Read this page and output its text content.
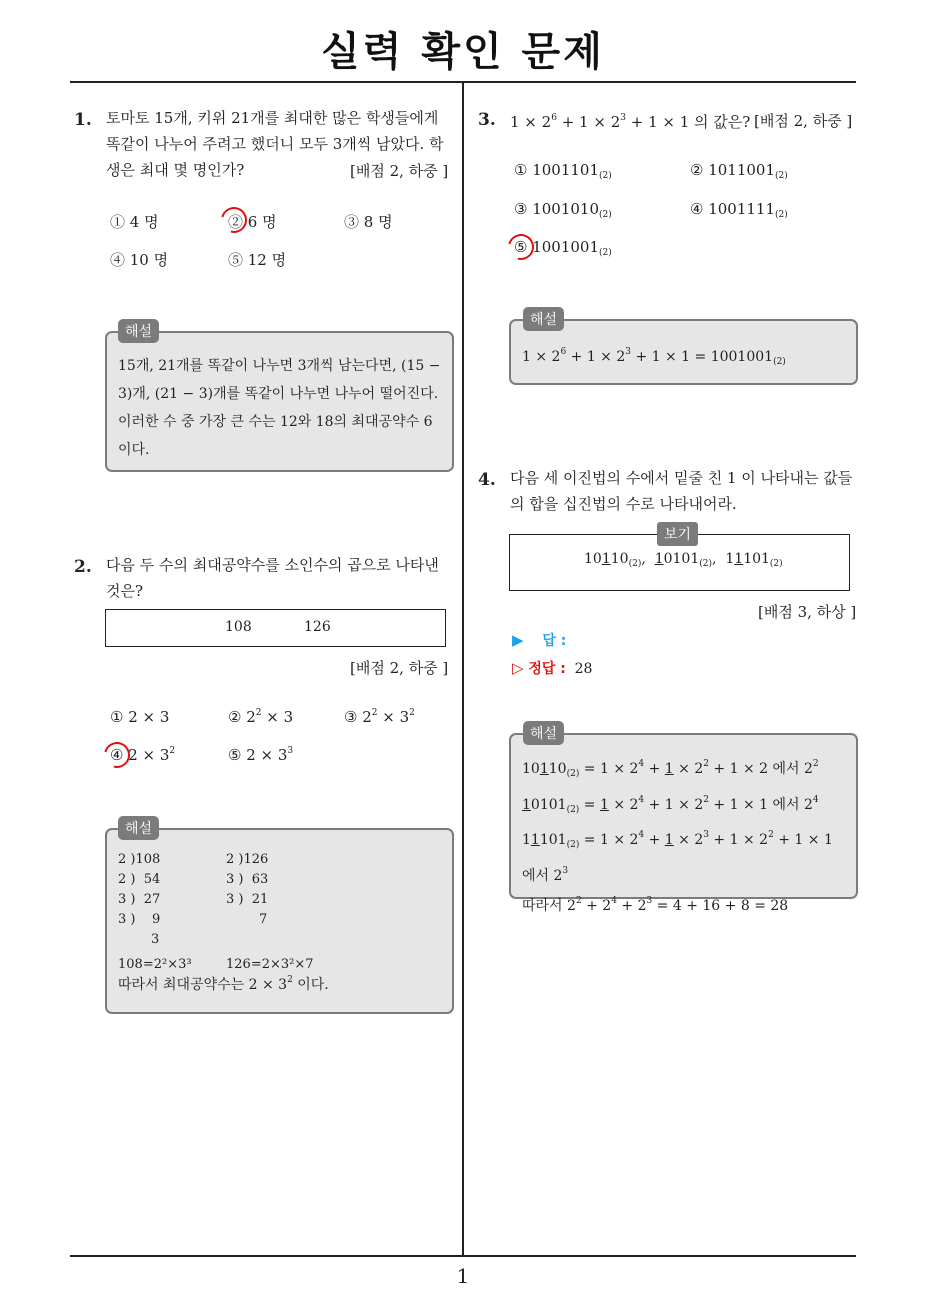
실력 확인 문제
1
1. 토마토 15개, 키위 21개를 최대한 많은 학생들에게 똑같이 나누어 주려고 했더니 모두 3개씩 남았다. 학생은 최대 몇 명인가?	[배점 2, 하중 ]
① 4 명	② 6 명	③ 8 명
④ 10 명	⑤ 12 명
해설
15개, 21개를 똑같이 나누면 3개씩 남는다면, (15 − 3)개, (21 − 3)개를 똑같이 나누면 나누어 떨어진다. 이러한 수 중 가장 큰 수는 12와 18의 최대공약수 6이다.
2. 다음 두 수의 최대공약수를 소인수의 곱으로 나타낸 것은?
108	126
[배점 2, 하중 ]
① 2 × 3	② $2^2 \times 3$	③ $2^2 \times 3^2$
④ $2 \times 3^2$	⑤ $2 \times 3^3$
해설
2 )108
2 )  54
3 )  27
3 )    9
3
2 )126
3 )  63
3 )  21
7
108=2²×3³	126=2×3²×7
따라서 최대공약수는 $2 \times 3^2$ 이다.
3. $1 \times 2^6 + 1 \times 2^3 + 1 \times 1$ 의 값은? [배점 2, 하중 ]
① $1001101_{(2)}$	② $1011001_{(2)}$
③ $1001010_{(2)}$	④ $1001111_{(2)}$
⑤ $1001001_{(2)}$
해설
$1 \times 2^6 + 1 \times 2^3 + 1 \times 1 = 1001001_{(2)}$
4. 다음 세 이진법의 수에서 밑줄 친 1 이 나타내는 값들의 합을 십진법의 수로 나타내어라.
$10110_{(2)}$,  $10101_{(2)}$,  $11101_{(2)}$
보기
[배점 3, 하상 ]
▶ 답 :
▷ 정답 : 28
해설
$10110_{(2)} = 1 \times 2^4 + 1 \times 2^2 + 1 \times 2$ 에서 $2^2$
$10101_{(2)} = 1 \times 2^4 + 1 \times 2^2 + 1 \times 1$ 에서 $2^4$
$11101_{(2)} = 1 \times 2^4 + 1 \times 2^3 + 1 \times 2^2 + 1 \times 1$ 에서 $2^3$
따라서 $2^2 + 2^4 + 2^3 = 4 + 16 + 8 = 28$
